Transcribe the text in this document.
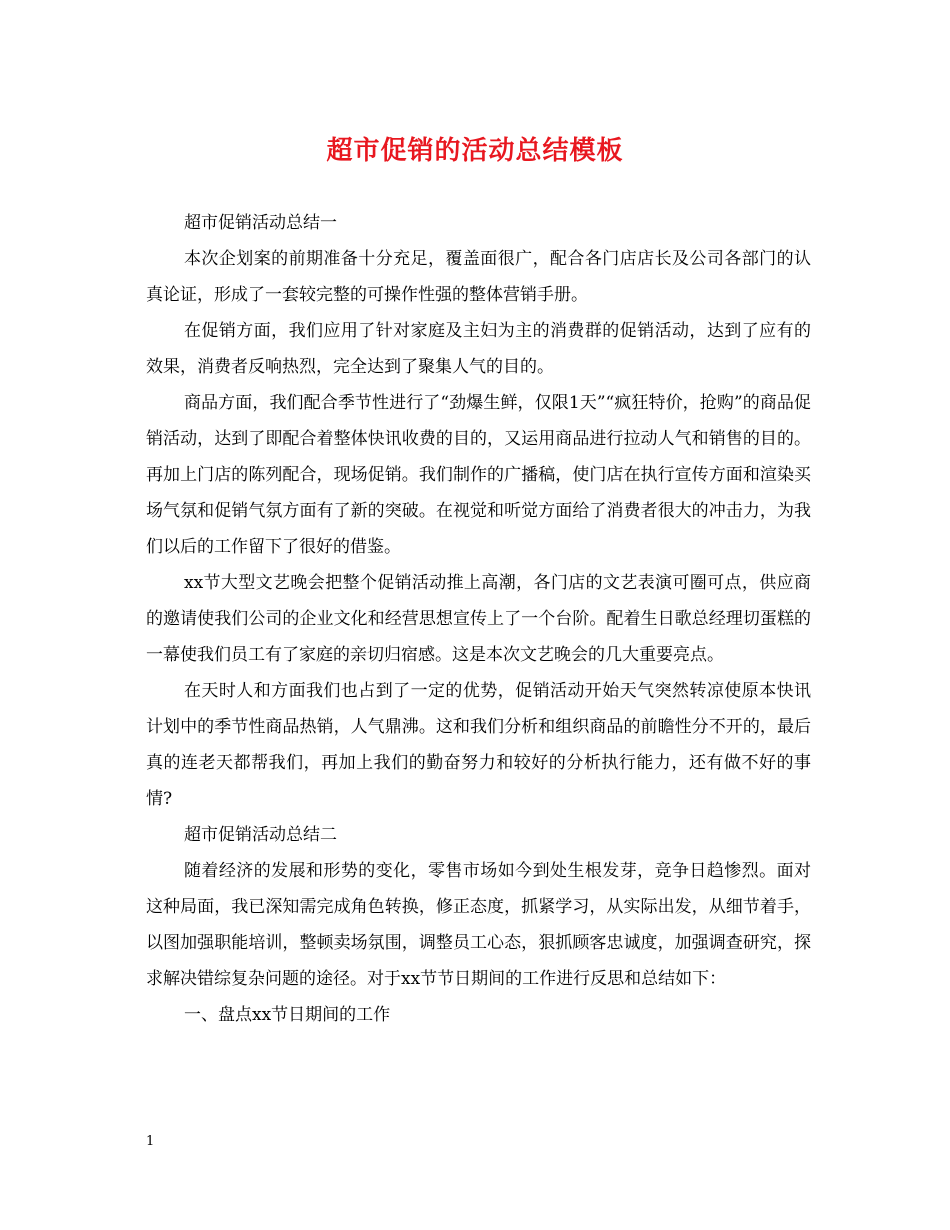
超市促销的活动总结模板

超市促销活动总结一

本次企划案的前期准备十分充足，覆盖面很广，配合各门店店长及公司各部门的认真论证，形成了一套较完整的可操作性强的整体营销手册。

在促销方面，我们应用了针对家庭及主妇为主的消费群的促销活动，达到了应有的效果，消费者反响热烈，完全达到了聚集人气的目的。

商品方面，我们配合季节性进行了“劲爆生鲜，仅限1天”“疯狂特价，抢购”的商品促销活动，达到了即配合着整体快讯收费的目的，又运用商品进行拉动人气和销售的目的。再加上门店的陈列配合，现场促销。我们制作的广播稿，使门店在执行宣传方面和渲染买场气氛和促销气氛方面有了新的突破。在视觉和听觉方面给了消费者很大的冲击力，为我们以后的工作留下了很好的借鉴。

xx节大型文艺晚会把整个促销活动推上高潮，各门店的文艺表演可圈可点，供应商的邀请使我们公司的企业文化和经营思想宣传上了一个台阶。配着生日歌总经理切蛋糕的一幕使我们员工有了家庭的亲切归宿感。这是本次文艺晚会的几大重要亮点。

在天时人和方面我们也占到了一定的优势，促销活动开始天气突然转凉使原本快讯计划中的季节性商品热销，人气鼎沸。这和我们分析和组织商品的前瞻性分不开的，最后真的连老天都帮我们，再加上我们的勤奋努力和较好的分析执行能力，还有做不好的事情?

超市促销活动总结二

随着经济的发展和形势的变化，零售市场如今到处生根发芽，竞争日趋惨烈。面对这种局面，我已深知需完成角色转换，修正态度，抓紧学习，从实际出发，从细节着手，以图加强职能培训，整顿卖场氛围，调整员工心态，狠抓顾客忠诚度，加强调查研究，探求解决错综复杂问题的途径。对于xx节节日期间的工作进行反思和总结如下：

一、盘点xx节日期间的工作

1
